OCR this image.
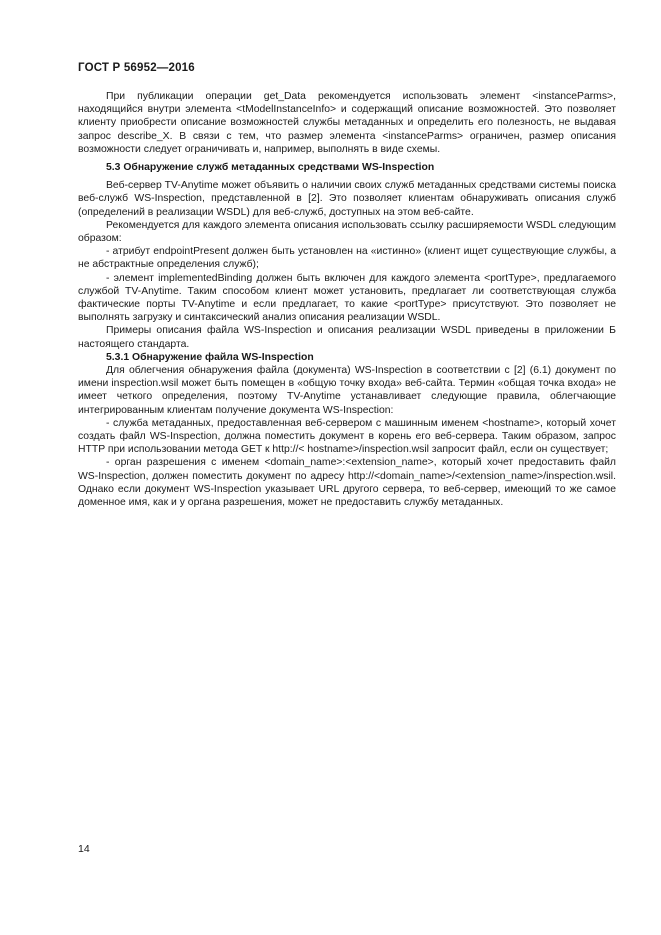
ГОСТ Р 56952—2016

При публикации операции get_Data рекомендуется использовать элемент <instanceParms>, находящийся внутри элемента <tModelInstanceInfo> и содержащий описание возможностей. Это позволяет клиенту приобрести описание возможностей службы метаданных и определить его полезность, не выдавая запрос describe_X. В связи с тем, что размер элемента <instanceParms> ограничен, размер описания возможности следует ограничивать и, например, выполнять в виде схемы.

5.3 Обнаружение служб метаданных средствами WS-Inspection

Веб-сервер TV-Anytime может объявить о наличии своих служб метаданных средствами системы поиска веб-служб WS-Inspection, представленной в [2]. Это позволяет клиентам обнаруживать описания служб (определений в реализации WSDL) для веб-служб, доступных на этом веб-сайте.

Рекомендуется для каждого элемента описания использовать ссылку расширяемости WSDL следующим образом:

- атрибут endpointPresent должен быть установлен на «истинно» (клиент ищет существующие службы, а не абстрактные определения служб);

- элемент implementedBinding должен быть включен для каждого элемента <portType>, предлагаемого службой TV-Anytime. Таким способом клиент может установить, предлагает ли соответствующая служба фактические порты TV-Anytime и если предлагает, то какие <portType> присутствуют. Это позволяет не выполнять загрузку и синтаксический анализ описания реализации WSDL.

Примеры описания файла WS-Inspection и описания реализации WSDL приведены в приложении Б настоящего стандарта.

5.3.1 Обнаружение файла WS-Inspection

Для облегчения обнаружения файла (документа) WS-Inspection в соответствии с [2] (6.1) документ по имени inspection.wsil может быть помещен в «общую точку входа» веб-сайта. Термин «общая точка входа» не имеет четкого определения, поэтому TV-Anytime устанавливает следующие правила, облегчающие интегрированным клиентам получение документа WS-Inspection:

- служба метаданных, предоставленная веб-сервером с машинным именем <hostname>, который хочет создать файл WS-Inspection, должна поместить документ в корень его веб-сервера. Таким образом, запрос HTTP при использовании метода GET к http://< hostname>/inspection.wsil запросит файл, если он существует;

- орган разрешения с именем <domain_name>:<extension_name>, который хочет предоставить файл WS-Inspection, должен поместить документ по адресу http://<domain_name>/<extension_name>/inspection.wsil. Однако если документ WS-Inspection указывает URL другого сервера, то веб-сервер, имеющий то же самое доменное имя, как и у органа разрешения, может не предоставить службу метаданных.

14
